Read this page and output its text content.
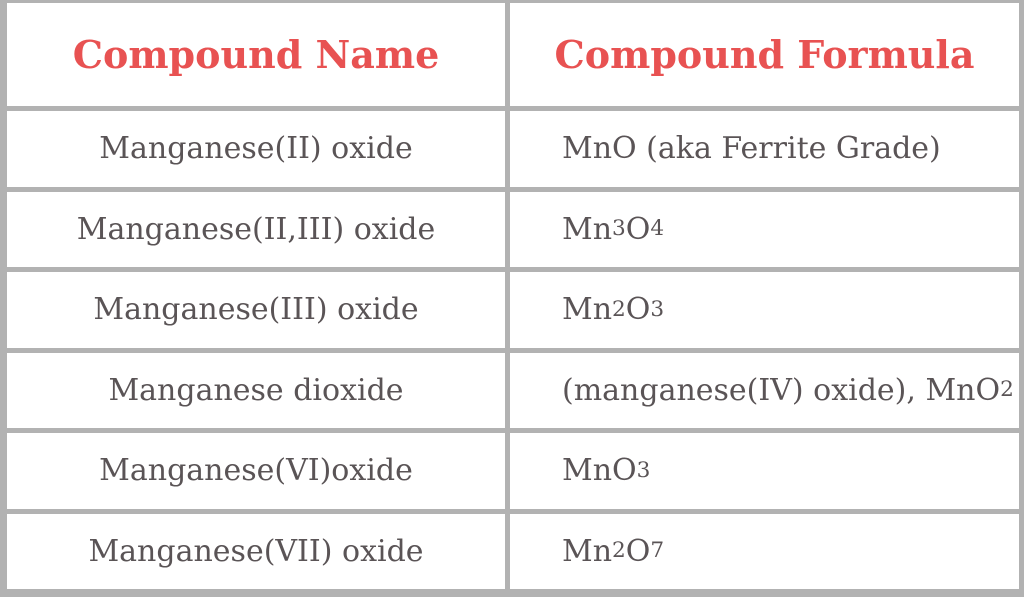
Compound Name	Compound Formula
Manganese(II) oxide	MnO (aka Ferrite Grade)
Manganese(II,III) oxide	Mn 3 O 4
Manganese(III) oxide	Mn 2 O 3
Manganese dioxide	(manganese(IV) oxide), MnO 2
Manganese(VI)oxide	MnO 3
Manganese(VII) oxide	Mn 2 O 7
